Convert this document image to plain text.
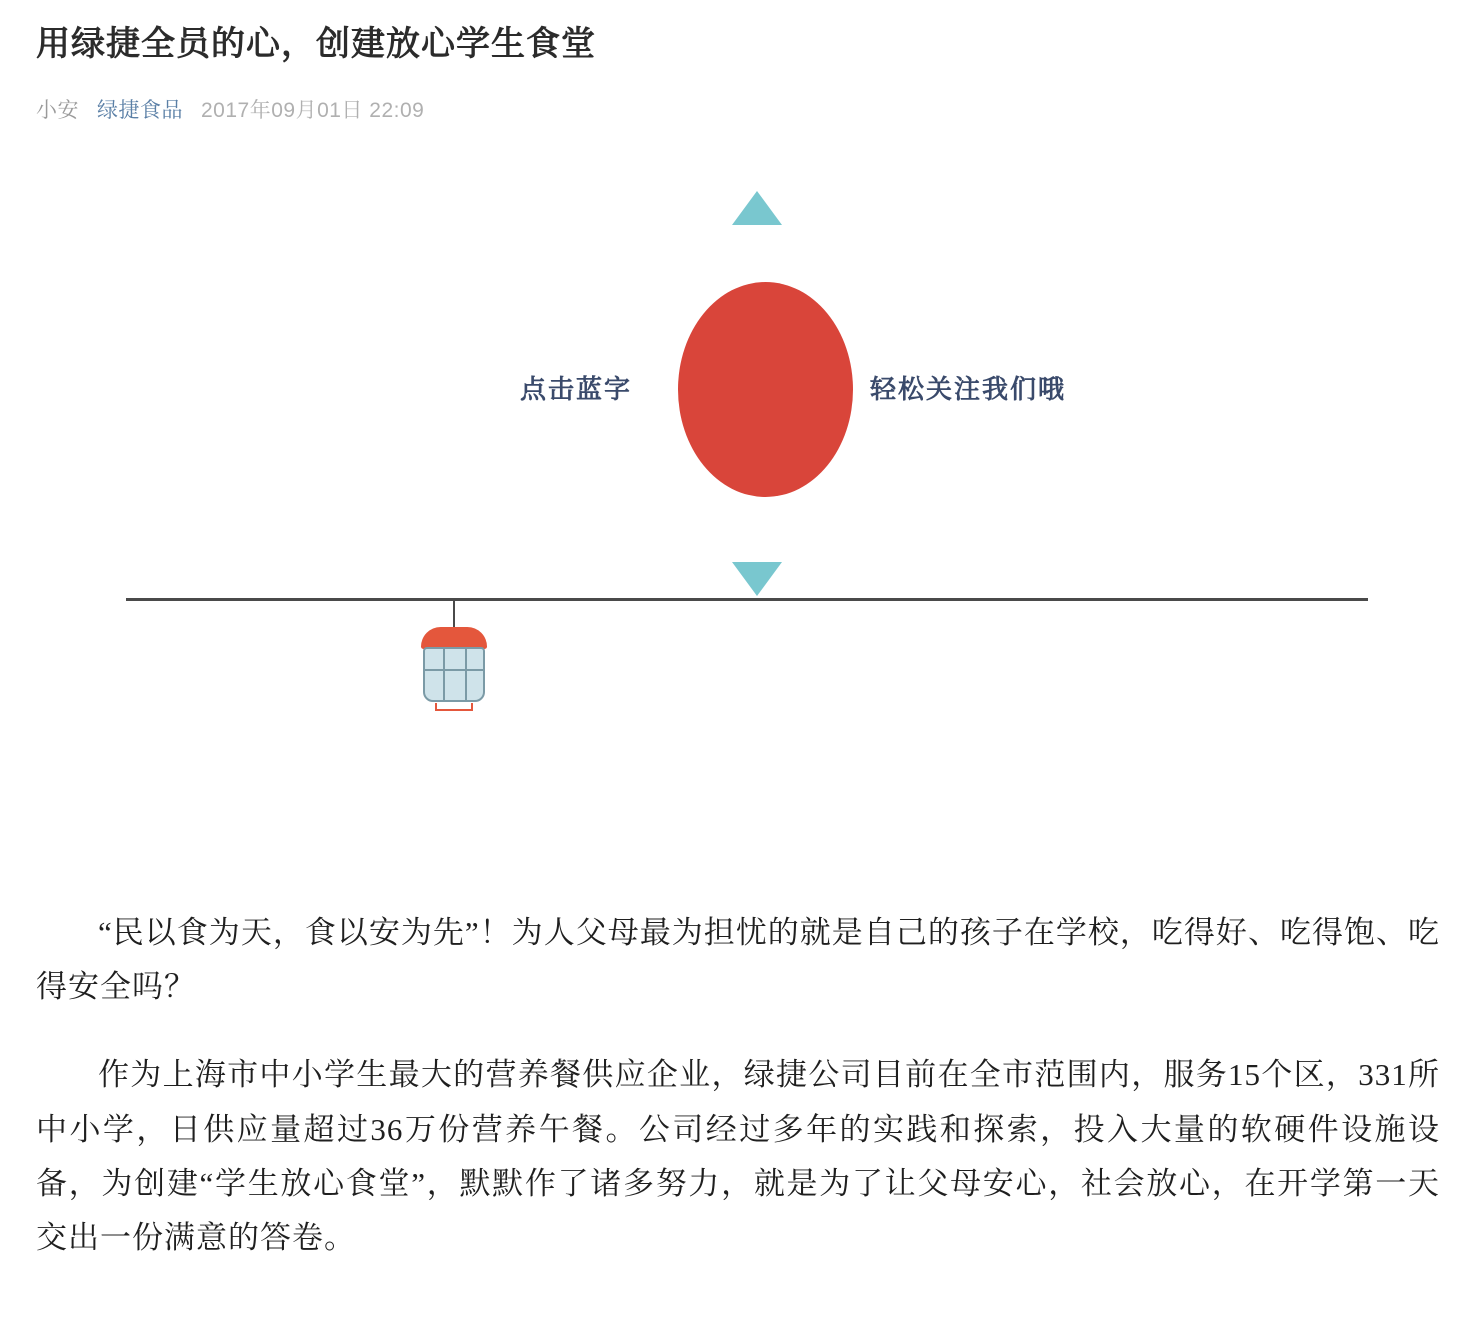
用绿捷全员的心，创建放心学生食堂
小安 绿捷食品 2017年09月01日 22:09
点击蓝字	轻松关注我们哦

“民以食为天，食以安为先”！为人父母最为担忧的就是自己的孩子在学校，吃得好、吃得饱、吃得安全吗？

作为上海市中小学生最大的营养餐供应企业，绿捷公司目前在全市范围内，服务15个区，331所中小学，日供应量超过36万份营养午餐。公司经过多年的实践和探索，投入大量的软硬件设施设备，为创建“学生放心食堂”，默默作了诸多努力，就是为了让父母安心，社会放心，在开学第一天交出一份满意的答卷。
